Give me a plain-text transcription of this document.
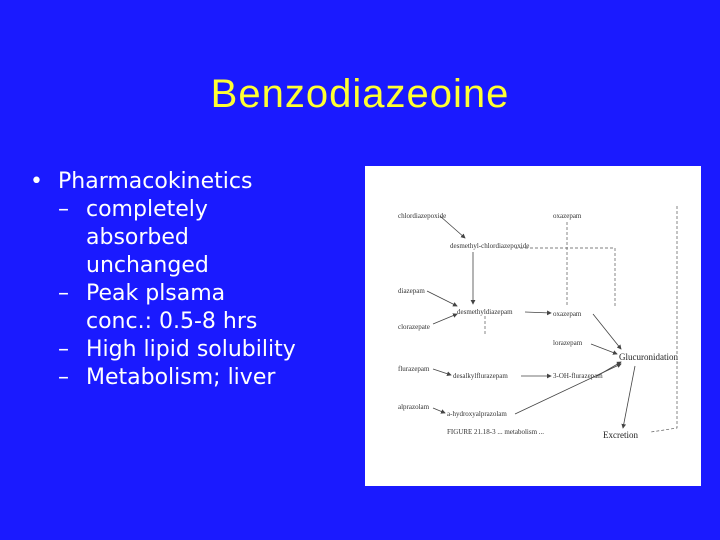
Benzodiazeoine
• Pharmacokinetics
– completely
absorbed
unchanged
– Peak plsama
conc.: 0.5-8 hrs
– High lipid solubility
– Metabolism; liver
chlordiazepoxide	oxazepam
desmethyl-chlordiazepoxide
diazepam
desmethyldiazepam	oxazepam
clorazepate
lorazepam
flurazepam
desalkylflurazepam	3-OH-flurazepam
alprazolam
a-hydroxyalprazolam
Glucuronidation
Excretion
FIGURE 21.18-3 ... metabolism ...
